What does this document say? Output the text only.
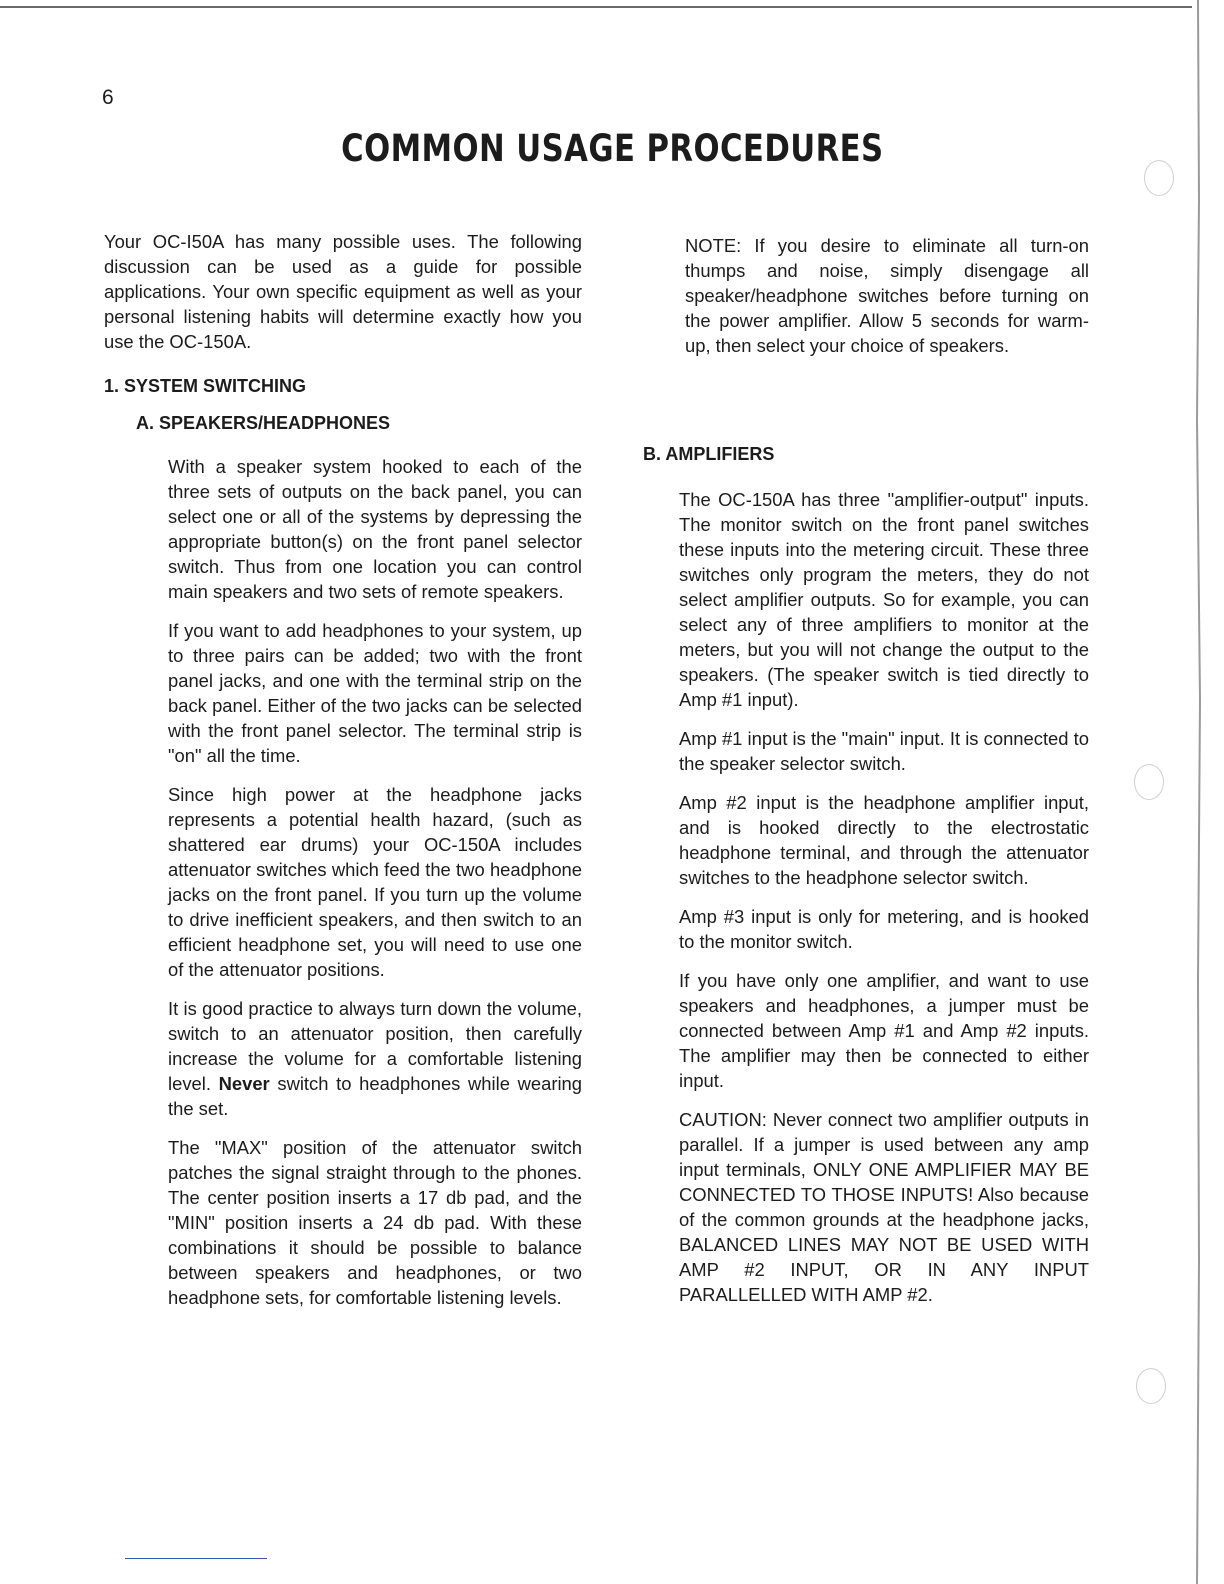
6
COMMON USAGE PROCEDURES

Your OC-I50A has many possible uses. The following discussion can be used as a guide for possible applications. Your own specific equipment as well as your personal listening habits will determine exactly how you use the OC-150A.

1. SYSTEM SWITCHING
A. SPEAKERS/HEADPHONES

With a speaker system hooked to each of the three sets of outputs on the back panel, you can select one or all of the systems by depressing the appropriate button(s) on the front panel selector switch. Thus from one location you can control main speakers and two sets of remote speakers.

If you want to add headphones to your system, up to three pairs can be added; two with the front panel jacks, and one with the terminal strip on the back panel. Either of the two jacks can be selected with the front panel selector. The terminal strip is "on" all the time.

Since high power at the headphone jacks represents a potential health hazard, (such as shattered ear drums) your OC-150A includes attenuator switches which feed the two headphone jacks on the front panel. If you turn up the volume to drive inefficient speakers, and then switch to an efficient headphone set, you will need to use one of the attenuator positions.

It is good practice to always turn down the volume, switch to an attenuator position, then carefully increase the volume for a comfortable listening level. Never switch to headphones while wearing the set.

The "MAX" position of the attenuator switch patches the signal straight through to the phones. The center position inserts a 17 db pad, and the "MIN" position inserts a 24 db pad. With these combinations it should be possible to balance between speakers and headphones, or two headphone sets, for comfortable listening levels.

NOTE: If you desire to eliminate all turn-on thumps and noise, simply disengage all speaker/headphone switches before turning on the power amplifier. Allow 5 seconds for warm-up, then select your choice of speakers.

B. AMPLIFIERS

The OC-150A has three "amplifier-output" inputs. The monitor switch on the front panel switches these inputs into the metering circuit. These three switches only program the meters, they do not select amplifier outputs. So for example, you can select any of three amplifiers to monitor at the meters, but you will not change the output to the speakers. (The speaker switch is tied directly to Amp #1 input).

Amp #1 input is the "main" input. It is connected to the speaker selector switch.

Amp #2 input is the headphone amplifier input, and is hooked directly to the electrostatic headphone terminal, and through the attenuator switches to the headphone selector switch.

Amp #3 input is only for metering, and is hooked to the monitor switch.

If you have only one amplifier, and want to use speakers and headphones, a jumper must be connected between Amp #1 and Amp #2 inputs. The amplifier may then be connected to either input.

CAUTION: Never connect two amplifier outputs in parallel. If a jumper is used between any amp input terminals, ONLY ONE AMPLIFIER MAY BE CONNECTED TO THOSE INPUTS! Also because of the common grounds at the headphone jacks, BALANCED LINES MAY NOT BE USED WITH AMP #2 INPUT, OR IN ANY INPUT PARALLELLED WITH AMP #2.
